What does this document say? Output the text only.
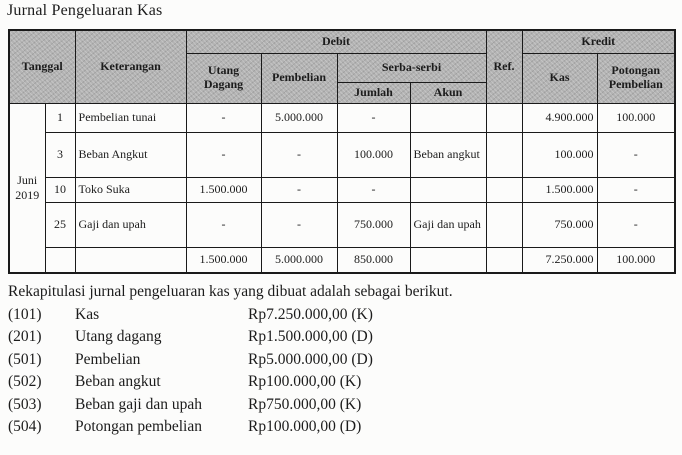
Jurnal Pengeluaran Kas
Tanggal		Keterangan	Debit				Ref.	Kredit	
			Utang Dagang	Pembelian	Serba-serbi			Kas	Potongan Pembelian
					Jumlah	Akun			
Juni 2019	1	Pembelian tunai	-	5.000.000	-			4.900.000	100.000
	3	Beban Angkut	-	-	100.000	Beban angkut		100.000	-
	10	Toko Suka	1.500.000	-	-			1.500.000	-
	25	Gaji dan upah	-	-	750.000	Gaji dan upah		750.000	-
			1.500.000	5.000.000	850.000			7.250.000	100.000

Rekapitulasi jurnal pengeluaran kas yang dibuat adalah sebagai berikut.

(101)	Kas	Rp7.250.000,00 (K)
(201)	Utang dagang	Rp1.500.000,00 (D)
(501)	Pembelian	Rp5.000.000,00 (D)
(502)	Beban angkut	Rp100.000,00 (K)
(503)	Beban gaji dan upah	Rp750.000,00 (K)
(504)	Potongan pembelian	Rp100.000,00 (D)
